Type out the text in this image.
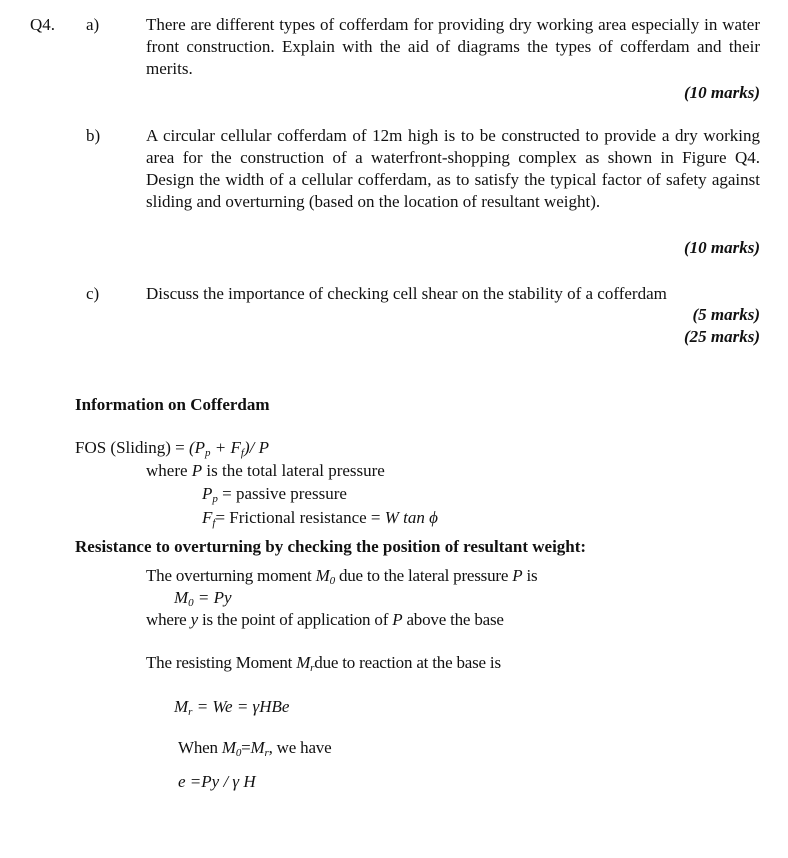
Q4. a)	There are different types of cofferdam for providing dry working area especially in water front construction. Explain with the aid of diagrams the types of cofferdam and their merits.
(10 marks)
b)	A circular cellular cofferdam of 12m high is to be constructed to provide a dry working area for the construction of a waterfront-shopping complex as shown in Figure Q4. Design the width of a cellular cofferdam, as to satisfy the typical factor of safety against sliding and overturning (based on the location of resultant weight).
(10 marks)
c)	Discuss the importance of checking cell shear on the stability of a cofferdam
(5 marks)
(25 marks)
Information on Cofferdam
FOS (Sliding) = $(P_p + F_f)/$ P
where P is the total lateral pressure
$P_p$ = passive pressure
$F_f=$ Frictional resistance = W tan ϕ
Resistance to overturning by checking the position of resultant weight:
The overturning moment $M_0$ due to the lateral pressure P is
$M_0 = Py$
where y is the point of application of P above the base
The resisting Moment $M_rdue$ to reaction at the base is
$M_r = We = \gamma HBe$
When $M_0=M_r$, we have
e =Py / γ H
